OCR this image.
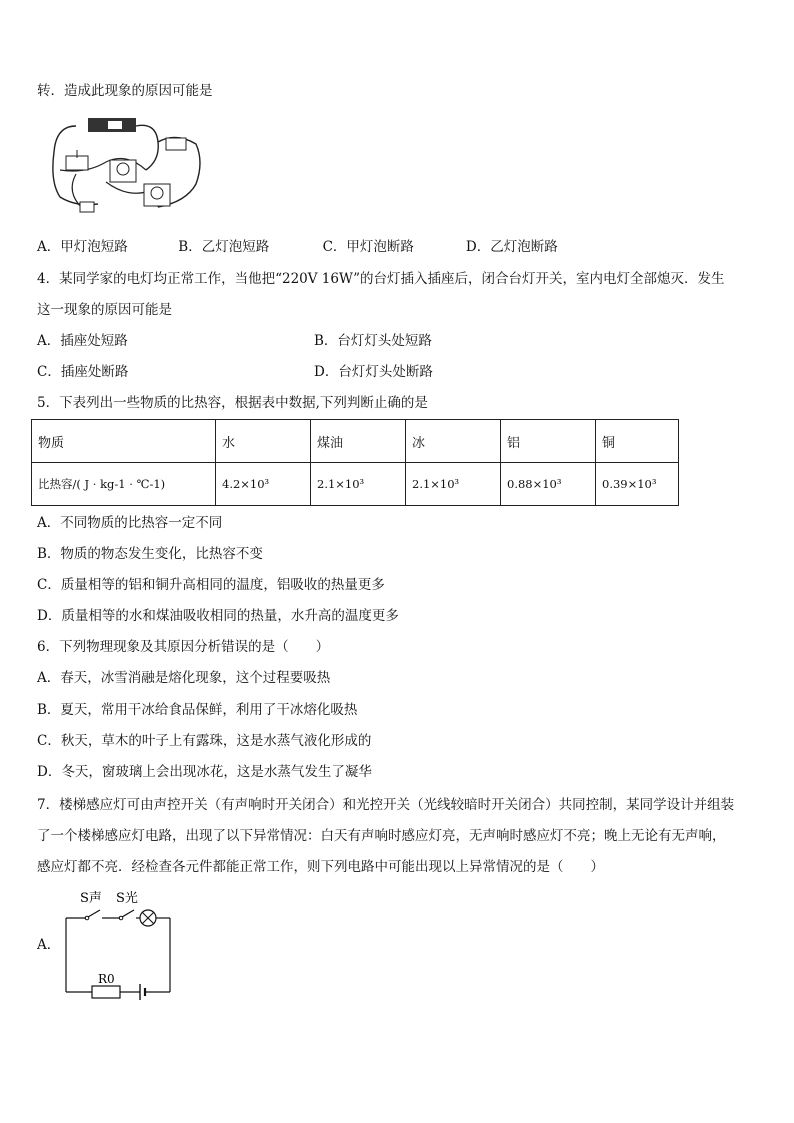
转．造成此现象的原因可能是
A．甲灯泡短路	B．乙灯泡短路	C．甲灯泡断路	D．乙灯泡断路
4．某同学家的电灯均正常工作，当他把“220V 16W”的台灯插入插座后，闭合台灯开关，室内电灯全部熄灭．发生
这一现象的原因可能是
A．插座处短路	B．台灯灯头处短路
C．插座处断路	D．台灯灯头处断路
5．下表列出一些物质的比热容，根据表中数据,下列判断止确的是
物质	水	煤油	冰	铝	铜
比热容/( J · kg-1 · ℃-1)	4.2×10³	2.1×10³	2.1×10³	0.88×10³	0.39×10³
A．不同物质的比热容一定不同
B．物质的物态发生变化，比热容不变
C．质量相等的铝和铜升高相同的温度，铝吸收的热量更多
D．质量相等的水和煤油吸收相同的热量，水升高的温度更多
6．下列物理现象及其原因分析错误的是（　　）
A．春天，冰雪消融是熔化现象，这个过程要吸热
B．夏天，常用干冰给食品保鲜，利用了干冰熔化吸热
C．秋天，草木的叶子上有露珠，这是水蒸气液化形成的
D．冬天，窗玻璃上会出现冰花，这是水蒸气发生了凝华
7．楼梯感应灯可由声控开关（有声响时开关闭合）和光控开关（光线较暗时开关闭合）共同控制，某同学设计并组装
了一个楼梯感应灯电路，出现了以下异常情况：白天有声响时感应灯亮，无声响时感应灯不亮；晚上无论有无声响，
感应灯都不亮．经检查各元件都能正常工作，则下列电路中可能出现以上异常情况的是（　　）
A．
S声 S光
R0
